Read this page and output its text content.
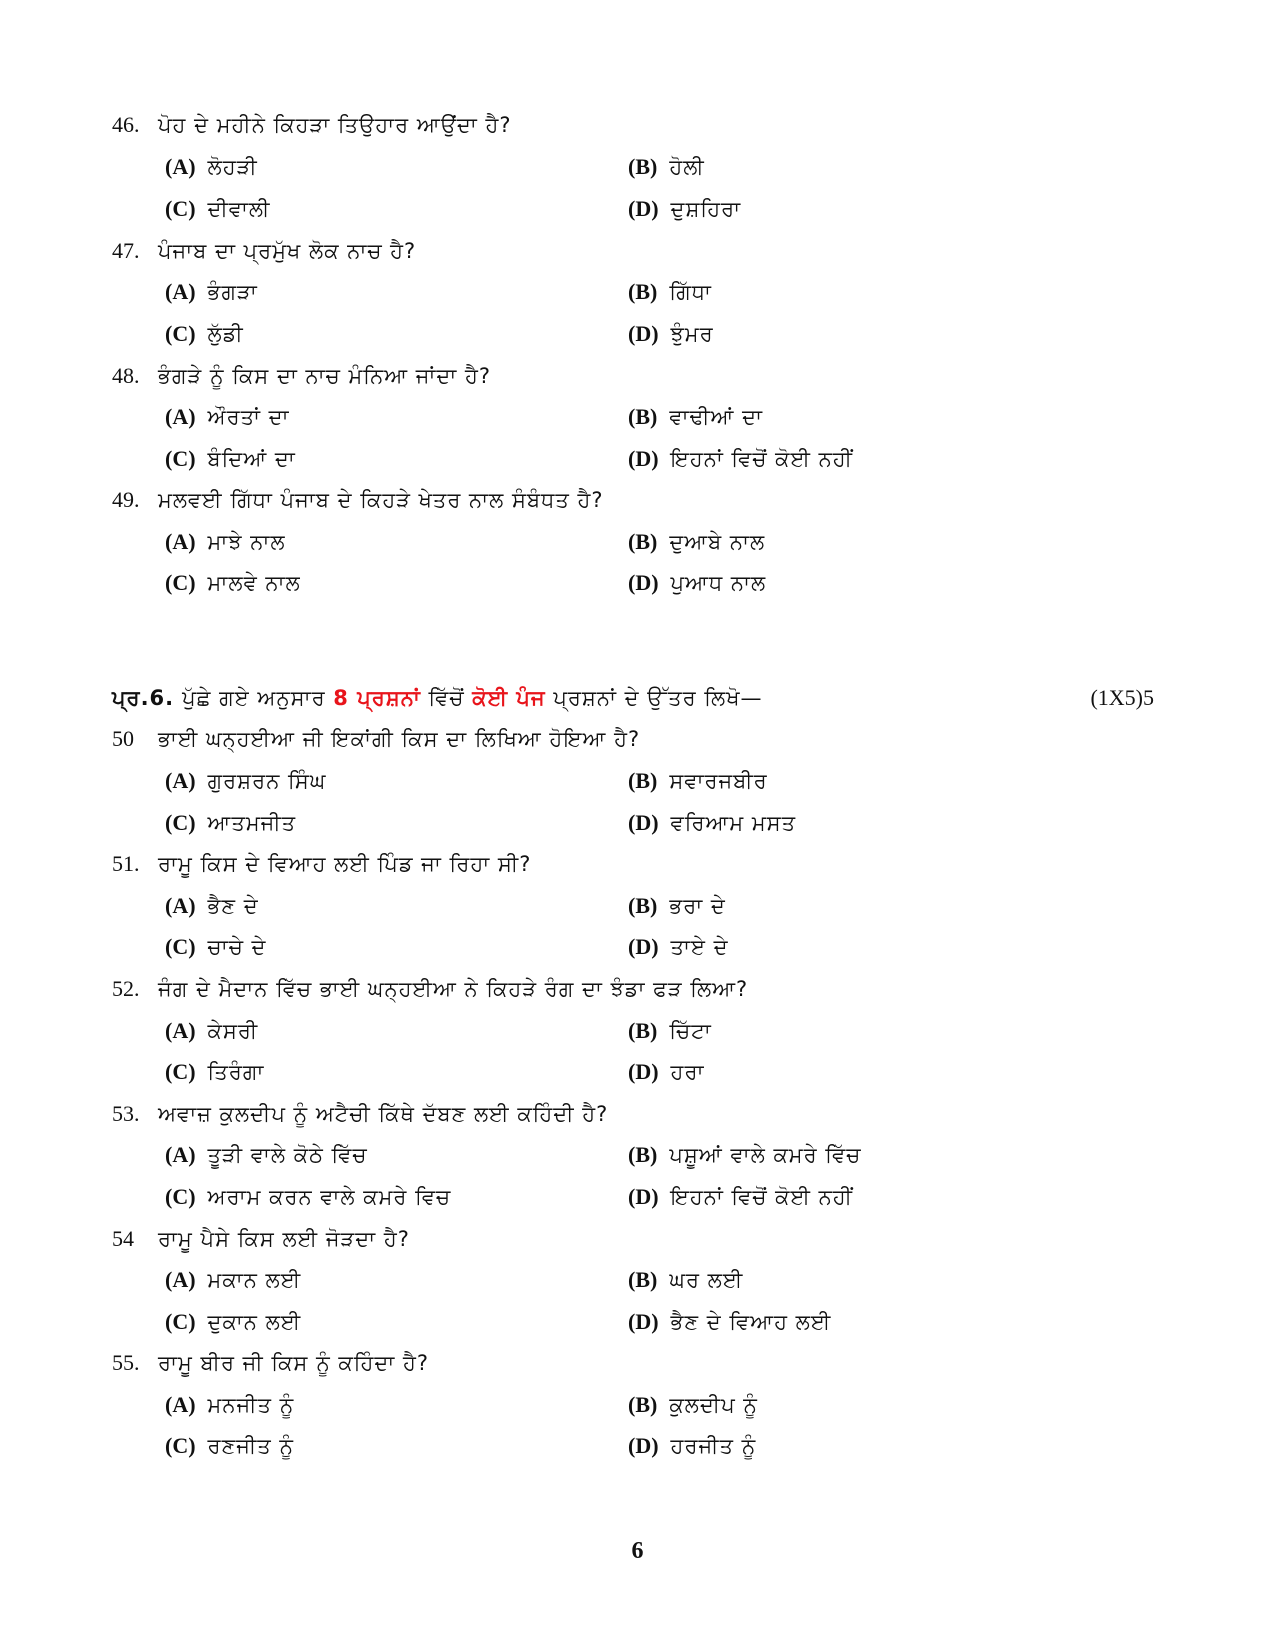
46. ਪੋਹ ਦੇ ਮਹੀਨੇ ਕਿਹੜਾ ਤਿਉਹਾਰ ਆਉਂਦਾ ਹੈ?
(A) ਲੋਹੜੀ	(B) ਹੋਲੀ
(C) ਦੀਵਾਲੀ	(D) ਦੁਸ਼ਹਿਰਾ
47. ਪੰਜਾਬ ਦਾ ਪ੍ਰਮੁੱਖ ਲੋਕ ਨਾਚ ਹੈ?
(A) ਭੰਗੜਾ	(B) ਗਿੱਧਾ
(C) ਲੁੱਡੀ	(D) ਝੁੰਮਰ
48. ਭੰਗੜੇ ਨੂੰ ਕਿਸ ਦਾ ਨਾਚ ਮੰਨਿਆ ਜਾਂਦਾ ਹੈ?
(A) ਔਰਤਾਂ ਦਾ	(B) ਵਾਢੀਆਂ ਦਾ
(C) ਬੰਦਿਆਂ ਦਾ	(D) ਇਹਨਾਂ ਵਿਚੋਂ ਕੋਈ ਨਹੀਂ
49. ਮਲਵਈ ਗਿੱਧਾ ਪੰਜਾਬ ਦੇ ਕਿਹੜੇ ਖੇਤਰ ਨਾਲ ਸੰਬੰਧਤ ਹੈ?
(A) ਮਾਝੇ ਨਾਲ	(B) ਦੁਆਬੇ ਨਾਲ
(C) ਮਾਲਵੇ ਨਾਲ	(D) ਪੁਆਧ ਨਾਲ
ਪ੍ਰ.6. ਪੁੱਛੇ ਗਏ ਅਨੁਸਾਰ 8 ਪ੍ਰਸ਼ਨਾਂ ਵਿੱਚੋਂ ਕੋਈ ਪੰਜ ਪ੍ਰਸ਼ਨਾਂ ਦੇ ਉੱਤਰ ਲਿਖੋ—	(1X5)5
50 ਭਾਈ ਘਨ੍ਹਈਆ ਜੀ ਇਕਾਂਗੀ ਕਿਸ ਦਾ ਲਿਖਿਆ ਹੋਇਆ ਹੈ?
(A) ਗੁਰਸ਼ਰਨ ਸਿੰਘ	(B) ਸਵਾਰਜਬੀਰ
(C) ਆਤਮਜੀਤ	(D) ਵਰਿਆਮ ਮਸਤ
51. ਰਾਮੂ ਕਿਸ ਦੇ ਵਿਆਹ ਲਈ ਪਿੰਡ ਜਾ ਰਿਹਾ ਸੀ?
(A) ਭੈਣ ਦੇ	(B) ਭਰਾ ਦੇ
(C) ਚਾਚੇ ਦੇ	(D) ਤਾਏ ਦੇ
52. ਜੰਗ ਦੇ ਮੈਦਾਨ ਵਿੱਚ ਭਾਈ ਘਨ੍ਹਈਆ ਨੇ ਕਿਹੜੇ ਰੰਗ ਦਾ ਝੰਡਾ ਫੜ ਲਿਆ?
(A) ਕੇਸਰੀ	(B) ਚਿੱਟਾ
(C) ਤਿਰੰਗਾ	(D) ਹਰਾ
53. ਅਵਾਜ਼ ਕੁਲਦੀਪ ਨੂੰ ਅਟੈਚੀ ਕਿੱਥੇ ਦੱਬਣ ਲਈ ਕਹਿੰਦੀ ਹੈ?
(A) ਤੂੜੀ ਵਾਲੇ ਕੋਠੇ ਵਿੱਚ	(B) ਪਸ਼ੂਆਂ ਵਾਲੇ ਕਮਰੇ ਵਿੱਚ
(C) ਅਰਾਮ ਕਰਨ ਵਾਲੇ ਕਮਰੇ ਵਿਚ	(D) ਇਹਨਾਂ ਵਿਚੋਂ ਕੋਈ ਨਹੀਂ
54 ਰਾਮੂ ਪੈਸੇ ਕਿਸ ਲਈ ਜੋੜਦਾ ਹੈ?
(A) ਮਕਾਨ ਲਈ	(B) ਘਰ ਲਈ
(C) ਦੁਕਾਨ ਲਈ	(D) ਭੈਣ ਦੇ ਵਿਆਹ ਲਈ
55. ਰਾਮੂ ਬੀਰ ਜੀ ਕਿਸ ਨੂੰ ਕਹਿੰਦਾ ਹੈ?
(A) ਮਨਜੀਤ ਨੂੰ	(B) ਕੁਲਦੀਪ ਨੂੰ
(C) ਰਣਜੀਤ ਨੂੰ	(D) ਹਰਜੀਤ ਨੂੰ
6
